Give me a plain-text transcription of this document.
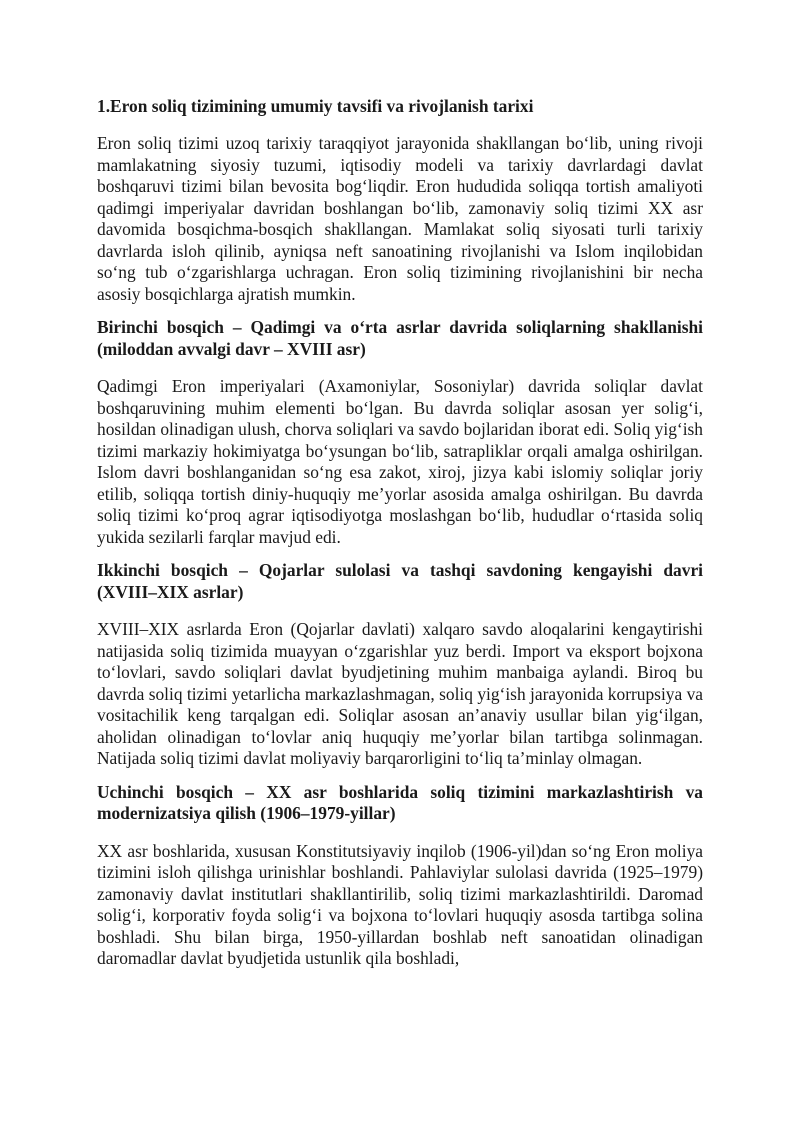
1.Eron soliq tizimining umumiy tavsifi va rivojlanish tarixi

Eron soliq tizimi uzoq tarixiy taraqqiyot jarayonida shakllangan bo‘lib, uning rivoji mamlakatning siyosiy tuzumi, iqtisodiy modeli va tarixiy davrlardagi davlat boshqaruvi tizimi bilan bevosita bog‘liqdir. Eron hududida soliqqa tortish amaliyoti qadimgi imperiyalar davridan boshlangan bo‘lib, zamonaviy soliq tizimi XX asr davomida bosqichma-bosqich shakllangan. Mamlakat soliq siyosati turli tarixiy davrlarda isloh qilinib, ayniqsa neft sanoatining rivojlanishi va Islom inqilobidan so‘ng tub o‘zgarishlarga uchragan. Eron soliq tizimining rivojlanishini bir necha asosiy bosqichlarga ajratish mumkin.

Birinchi bosqich – Qadimgi va o‘rta asrlar davrida soliqlarning shakllanishi (miloddan avvalgi davr – XVIII asr)

Qadimgi Eron imperiyalari (Axamoniylar, Sosoniylar) davrida soliqlar davlat boshqaruvining muhim elementi bo‘lgan. Bu davrda soliqlar asosan yer solig‘i, hosildan olinadigan ulush, chorva soliqlari va savdo bojlaridan iborat edi. Soliq yig‘ish tizimi markaziy hokimiyatga bo‘ysungan bo‘lib, satrapliklar orqali amalga oshirilgan. Islom davri boshlanganidan so‘ng esa zakot, xiroj, jizya kabi islomiy soliqlar joriy etilib, soliqqa tortish diniy-huquqiy me’yorlar asosida amalga oshirilgan. Bu davrda soliq tizimi ko‘proq agrar iqtisodiyotga moslashgan bo‘lib, hududlar o‘rtasida soliq yukida sezilarli farqlar mavjud edi.

Ikkinchi bosqich – Qojarlar sulolasi va tashqi savdoning kengayishi davri (XVIII–XIX asrlar)

XVIII–XIX asrlarda Eron (Qojarlar davlati) xalqaro savdo aloqalarini kengaytirishi natijasida soliq tizimida muayyan o‘zgarishlar yuz berdi. Import va eksport bojxona to‘lovlari, savdo soliqlari davlat byudjetining muhim manbaiga aylandi. Biroq bu davrda soliq tizimi yetarlicha markazlashmagan, soliq yig‘ish jarayonida korrupsiya va vositachilik keng tarqalgan edi. Soliqlar asosan an’anaviy usullar bilan yig‘ilgan, aholidan olinadigan to‘lovlar aniq huquqiy me’yorlar bilan tartibga solinmagan. Natijada soliq tizimi davlat moliyaviy barqarorligini to‘liq ta’minlay olmagan.

Uchinchi bosqich – XX asr boshlarida soliq tizimini markazlashtirish va modernizatsiya qilish (1906–1979-yillar)

XX asr boshlarida, xususan Konstitutsiyaviy inqilob (1906-yil)dan so‘ng Eron moliya tizimini isloh qilishga urinishlar boshlandi. Pahlaviylar sulolasi davrida (1925–1979) zamonaviy davlat institutlari shakllantirilib, soliq tizimi markazlashtirildi. Daromad solig‘i, korporativ foyda solig‘i va bojxona to‘lovlari huquqiy asosda tartibga solina boshladi. Shu bilan birga, 1950-yillardan boshlab neft sanoatidan olinadigan daromadlar davlat byudjetida ustunlik qila boshladi,
